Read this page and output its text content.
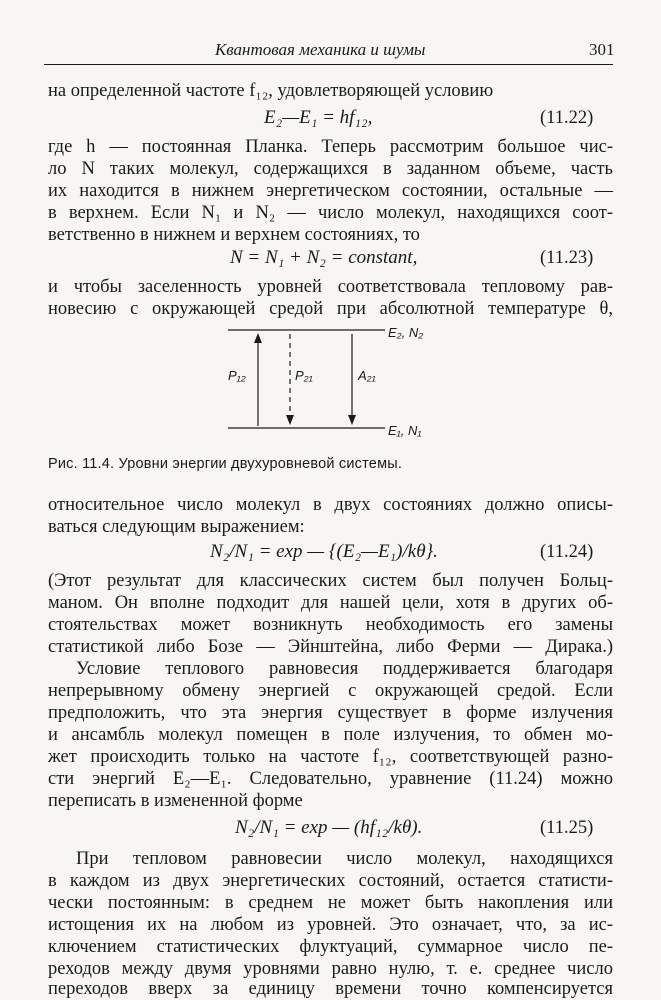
Квантовая механика и шумы	301
на определенной частоте f₁₂, удовлетворяющей условию
E₂—E₁ = hf₁₂,	(11.22)
где h — постоянная Планка. Теперь рассмотрим большое чис-
ло N таких молекул, содержащихся в заданном объеме, часть
их находится в нижнем энергетическом состоянии, остальные —
в верхнем. Если N₁ и N₂ — число молекул, находящихся соот-
ветственно в нижнем и верхнем состояниях, то
N = N₁ + N₂ = constant,	(11.23)
и чтобы заселенность уровней соответствовала тепловому рав-
новесию с окружающей средой при абсолютной температуре θ,
E₂, N₂
E₁, N₁
P₁₂	P₂₁	A₂₁
Рис. 11.4. Уровни энергии двухуровневой системы.
относительное число молекул в двух состояниях должно описы-
ваться следующим выражением:
N₂/N₁ = exp — {(E₂—E₁)/kθ}.	(11.24)
(Этот результат для классических систем был получен Больц-
маном. Он вполне подходит для нашей цели, хотя в других об-
стоятельствах может возникнуть необходимость его замены
статистикой либо Бозе — Эйнштейна, либо Ферми — Дирака.)
Условие теплового равновесия поддерживается благодаря
непрерывному обмену энергией с окружающей средой. Если
предположить, что эта энергия существует в форме излучения
и ансамбль молекул помещен в поле излучения, то обмен мо-
жет происходить только на частоте f₁₂, соответствующей разно-
сти энергий E₂—E₁. Следовательно, уравнение (11.24) можно
переписать в измененной форме
N₂/N₁ = exp — (hf₁₂/kθ).	(11.25)
При тепловом равновесии число молекул, находящихся
в каждом из двух энергетических состояний, остается статисти-
чески постоянным: в среднем не может быть накопления или
истощения их на любом из уровней. Это означает, что, за ис-
ключением статистических флуктуаций, суммарное число пе-
реходов между двумя уровнями равно нулю, т. е. среднее число
переходов вверх за единицу времени точно компенсируется
